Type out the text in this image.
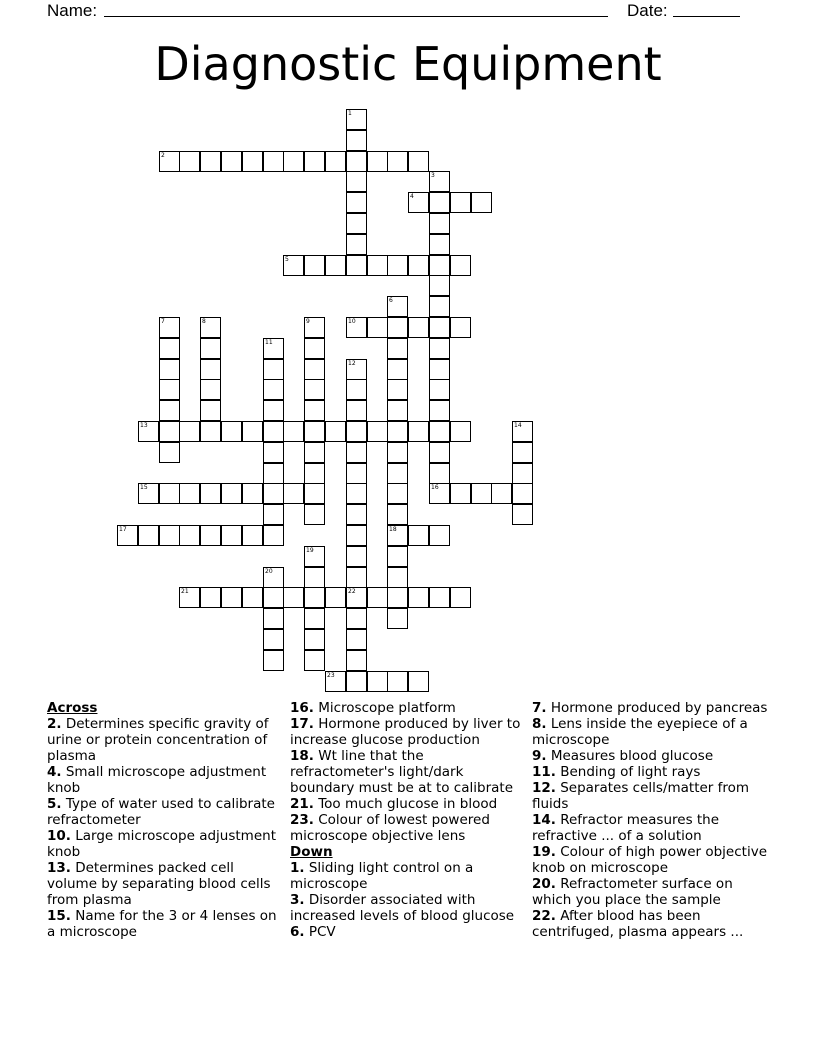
Name:	Date:
Diagnostic Equipment
1
2
3
4
5
6
18
7	8	9	10
11
12
13	14
15	16
17
19
20
21	22
23
Across

2. Determines specific gravity of urine or protein concentration of plasma

4. Small microscope adjustment knob

5. Type of water used to calibrate refractometer

10. Large microscope adjustment knob

13. Determines packed cell volume by separating blood cells from plasma

15. Name for the 3 or 4 lenses on a microscope

16. Microscope platform

17. Hormone produced by liver to increase glucose production

18. Wt line that the refractometer's light/dark boundary must be at to calibrate

21. Too much glucose in blood

23. Colour of lowest powered microscope objective lens

Down

1. Sliding light control on a microscope

3. Disorder associated with increased levels of blood glucose

6. PCV

7. Hormone produced by pancreas

8. Lens inside the eyepiece of a microscope

9. Measures blood glucose

11. Bending of light rays

12. Separates cells/matter from fluids

14. Refractor measures the refractive ... of a solution

19. Colour of high power objective knob on microscope

20. Refractometer surface on which you place the sample

22. After blood has been centrifuged, plasma appears ...
